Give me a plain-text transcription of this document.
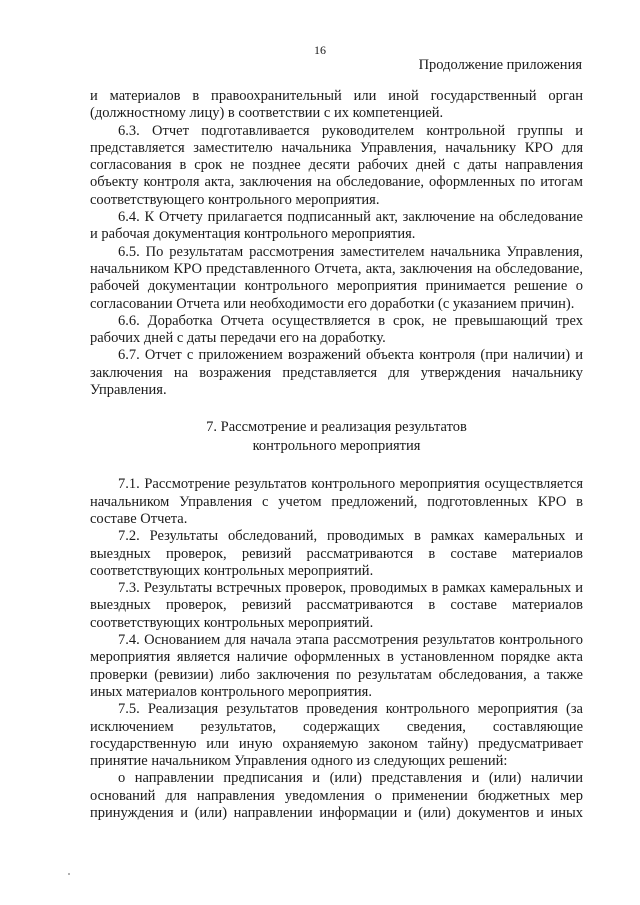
16
Продолжение приложения

и материалов в правоохранительный или иной государственный орган (должностному лицу) в соответствии с их компетенцией.

6.3. Отчет подготавливается руководителем контрольной группы и представляется заместителю начальника Управления, начальнику КРО для согласования в срок не позднее десяти рабочих дней с даты направления объекту контроля акта, заключения на обследование, оформленных по итогам соответствующего контрольного мероприятия.

6.4. К Отчету прилагается подписанный акт, заключение на обследование и рабочая документация контрольного мероприятия.

6.5. По результатам рассмотрения заместителем начальника Управления, начальником КРО представленного Отчета, акта, заключения на обследование, рабочей документации контрольного мероприятия принимается решение о согласовании Отчета или необходимости его доработки (с указанием причин).

6.6. Доработка Отчета осуществляется в срок, не превышающий трех рабочих дней с даты передачи его на доработку.

6.7. Отчет с приложением возражений объекта контроля (при наличии) и заключения на возражения представляется для утверждения начальнику Управления.

7. Рассмотрение и реализация результатов
контрольного мероприятия

7.1. Рассмотрение результатов контрольного мероприятия осуществляется начальником Управления с учетом предложений, подготовленных КРО в составе Отчета.

7.2. Результаты обследований, проводимых в рамках камеральных и выездных проверок, ревизий рассматриваются в составе материалов соответствующих контрольных мероприятий.

7.3. Результаты встречных проверок, проводимых в рамках камеральных и выездных проверок, ревизий рассматриваются в составе материалов соответствующих контрольных мероприятий.

7.4. Основанием для начала этапа рассмотрения результатов контрольного мероприятия является наличие оформленных в установленном порядке акта проверки (ревизии) либо заключения по результатам обследования, а также иных материалов контрольного мероприятия.

7.5. Реализация результатов проведения контрольного мероприятия (за исключением результатов, содержащих сведения, составляющие государственную или иную охраняемую законом тайну) предусматривает принятие начальником Управления одного из следующих решений:

о направлении предписания и (или) представления и (или) наличии оснований для направления уведомления о применении бюджетных мер принуждения и (или) направлении информации и (или) документов и иных
